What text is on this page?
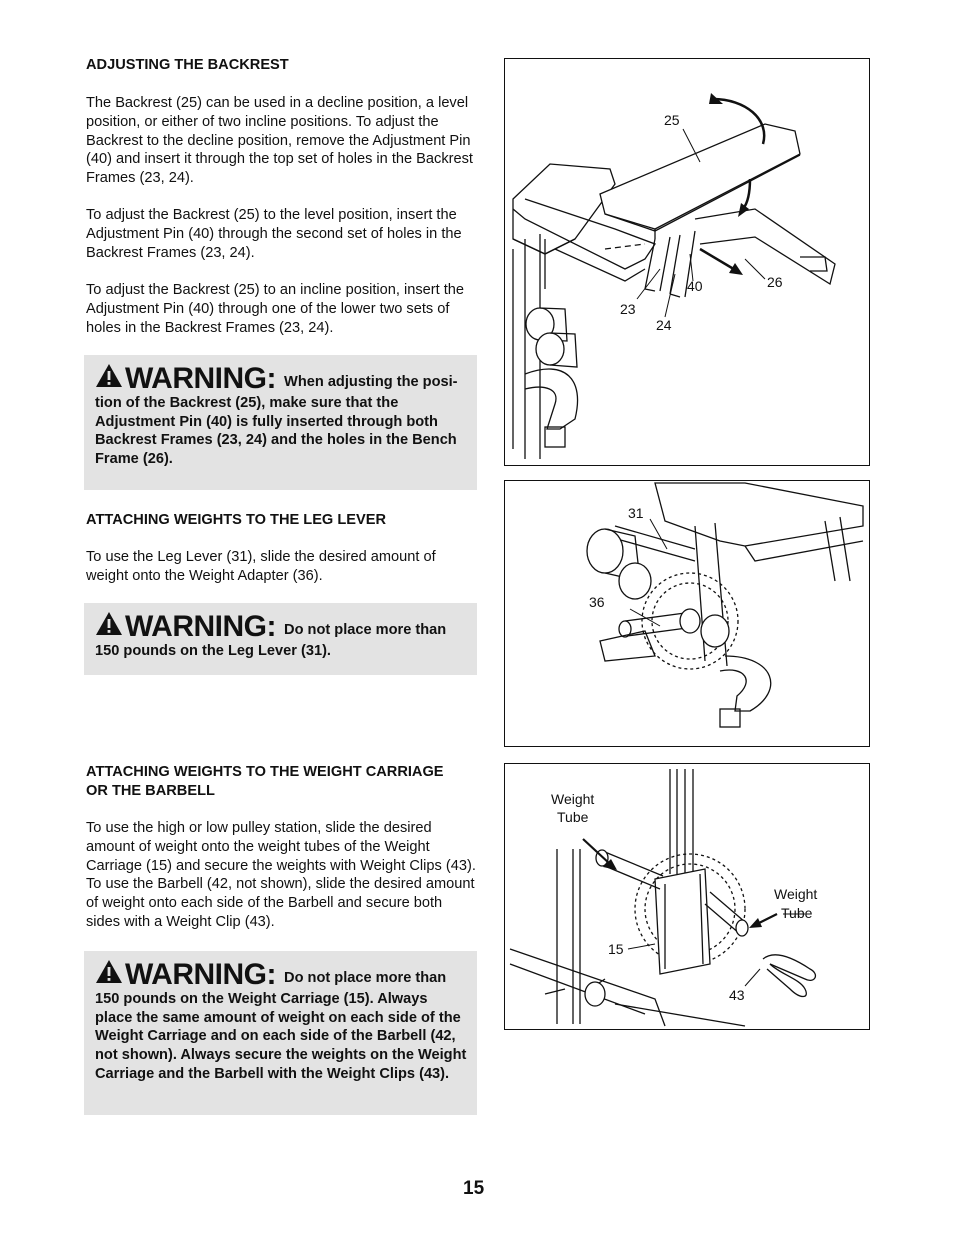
ADJUSTING THE BACKREST

The Backrest (25) can be used in a decline position, a level position, or either of two incline positions. To adjust the Backrest to the decline position, remove the Adjustment Pin (40) and insert it through the top set of holes in the Backrest Frames (23, 24).

To adjust the Backrest (25) to the level position, insert the Adjustment Pin (40) through the second set of holes in the Backrest Frames (23, 24).

To adjust the Backrest (25) to an incline position, insert the Adjustment Pin (40) through one of the lower two sets of holes in the Backrest Frames (23, 24).

WARNING: When adjusting the posi- tion of the Backrest (25), make sure that the Adjustment Pin (40) is fully inserted through both Backrest Frames (23, 24) and the holes in the Bench Frame (26).
ATTACHING WEIGHTS TO THE LEG LEVER

To use the Leg Lever (31), slide the desired amount of weight onto the Weight Adapter (36).

WARNING: Do not place more than
150 pounds on the Leg Lever (31).
ATTACHING WEIGHTS TO THE WEIGHT CARRIAGE
OR THE BARBELL

To use the high or low pulley station, slide the desired amount of weight onto the weight tubes of the Weight Carriage (15) and secure the weights with Weight Clips (43). To use the Barbell (42, not shown), slide the desired amount of weight onto each side of the Barbell and secure both sides with a Weight Clip (43).

WARNING: Do not place more than
150 pounds on the Weight Carriage (15). Always place the same amount of weight on each side of the Weight Carriage and on each side of the Barbell (42, not shown). Always secure the weights on the Weight Carriage and the Barbell with the Weight Clips (43).
25
26
40
23
24
31
36
Weight
Tube
Weight
Tube
15
43
15
